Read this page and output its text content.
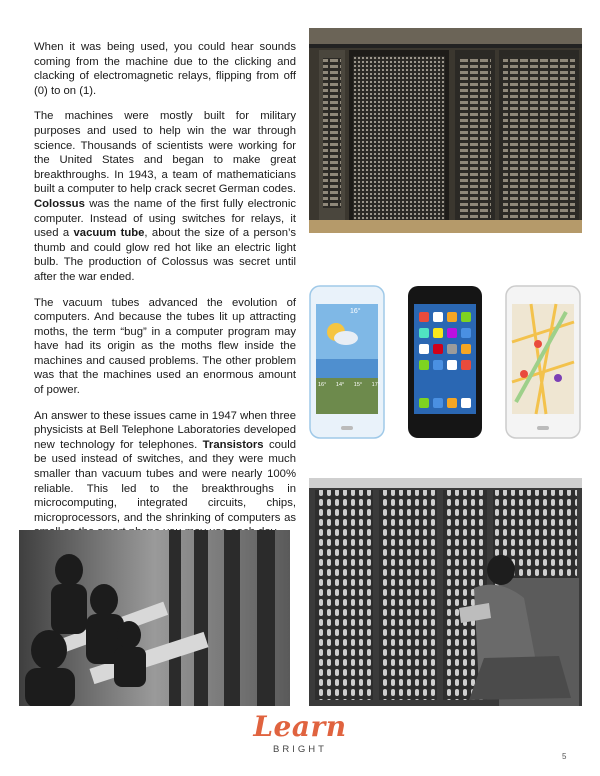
When it was being used, you could hear sounds coming from the machine due to the clicking and clacking of electromagnetic relays, flipping from off (0) to on (1).

The machines were mostly built for military purposes and used to help win the war through science. Thousands of scientists were working for the United States and began to make great breakthroughs. In 1943, a team of mathematicians built a computer to help crack secret German codes. Colossus was the name of the first fully electronic computer. Instead of using switches for relays, it used a vacuum tube, about the size of a person’s thumb and could glow red hot like an electric light bulb. The production of Colossus was secret until after the war ended.

The vacuum tubes advanced the evolution of computers. And because the tubes lit up attracting moths, the term “bug” in a computer program may have had its origin as the moths flew inside the machines and caused problems. The other problem was that the machines used an enormous amount of power.

An answer to these issues came in 1947 when three physicists at Bell Telephone Laboratories developed new technology for telephones. Transistors could be used instead of switches, and they were much smaller than vacuum tubes and were nearly 100% reliable. This led to the breakthroughs in microcomputing, integrated circuits, chips, microprocessors, and the shrinking of computers as

16°
16° 14° 15° 17°
Learn
BRIGHT
5
